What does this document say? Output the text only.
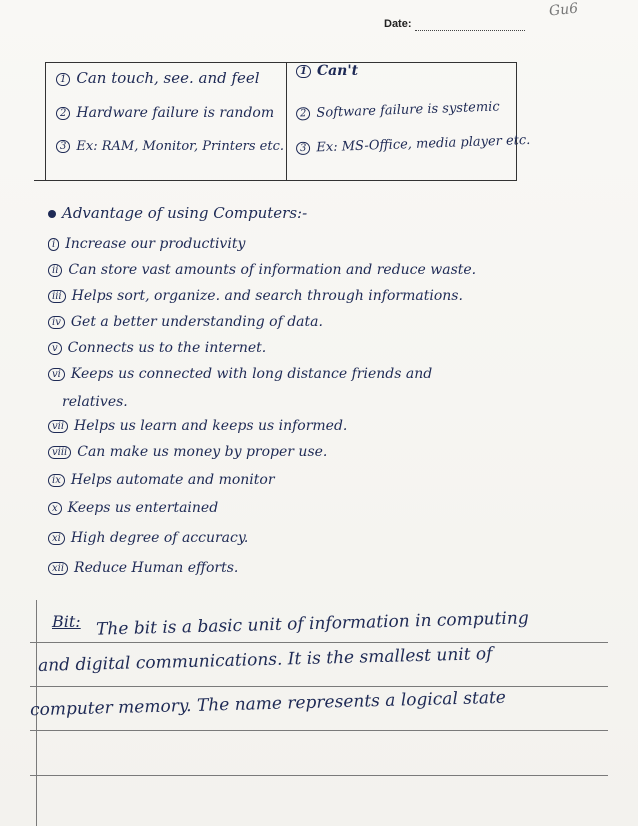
Gu6
Date:
1 Can touch, see. and feel
2 Hardware failure is random
3 Ex: RAM, Monitor, Printers etc.
1 Can't
2 Software failure is systemic
3 Ex: MS-Office, media player etc.
Advantage of using Computers:-
i Increase our productivity
ii Can store vast amounts of information and reduce waste.
iii Helps sort, organize. and search through informations.
iv Get a better understanding of data.
v Connects us to the internet.
vi Keeps us connected with long distance friends and
relatives.
vii Helps us learn and keeps us informed.
viii Can make us money by proper use.
ix Helps automate and monitor
x Keeps us entertained
xi High degree of accuracy.
xii Reduce Human efforts.
Bit: The bit is a basic unit of information in computing
and digital communications. It is the smallest unit of
computer memory. The name represents a logical state
